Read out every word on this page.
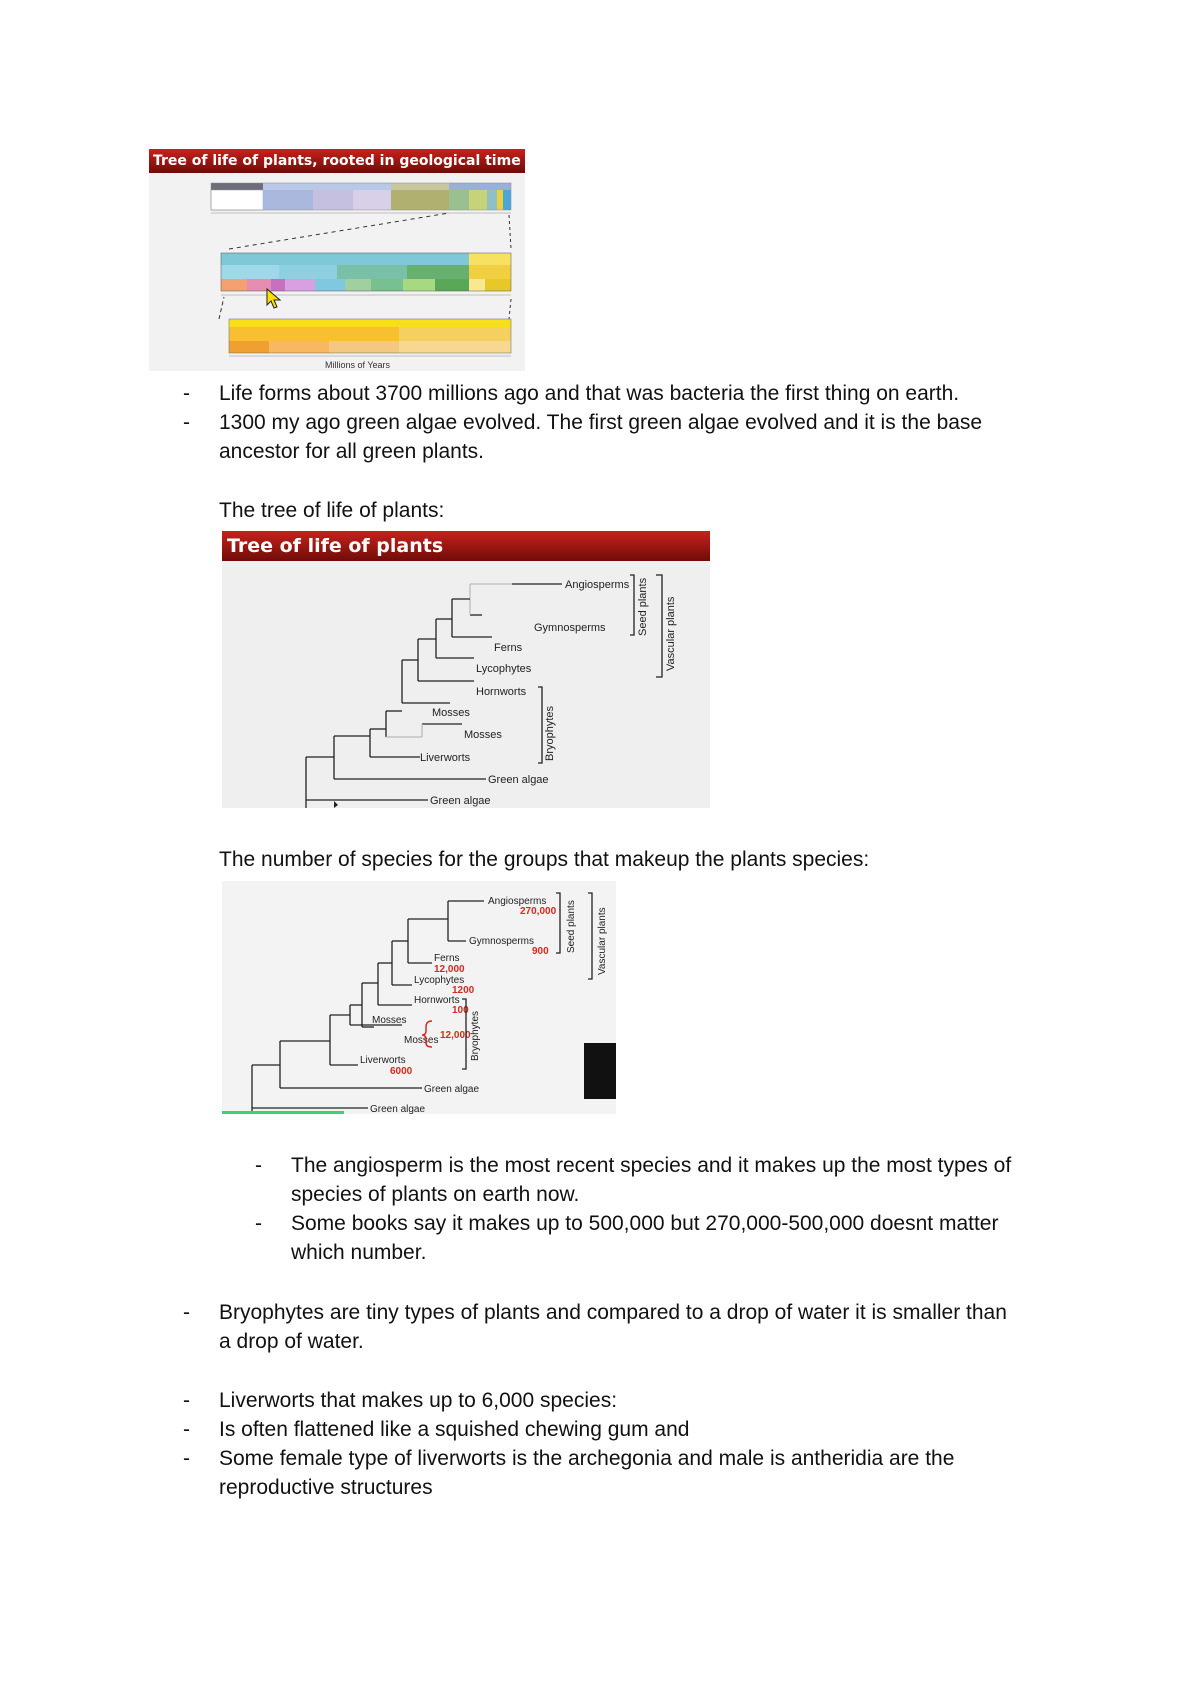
Tree of life of plants, rooted in geological time
Millions of Years
- Life forms about 3700 millions ago and that was bacteria the first thing on earth.
- 1300 my ago green algae evolved. The first green algae evolved and it is the base
ancestor for all green plants.
The tree of life of plants:
Tree of life of plants
Angiosperms
Gymnosperms
Ferns
Lycophytes
Hornworts
Mosses
Mosses
Liverworts
Green algae
Green algae
Seed plants Vascular plants
Bryophytes
The number of species for the groups that makeup the plants species:
Angiosperms
Gymnosperms
Ferns
Lycophytes
Hornworts
Mosses
Mosses
Liverworts
Green algae
Green algae
270,000
900
12,000
1200
100
12,000
6000
Seed plants Vascular plants
Bryophytes
- The angiosperm is the most recent species and it makes up the most types of
species of plants on earth now.
- Some books say it makes up to 500,000 but 270,000-500,000 doesnt matter
which number.
- Bryophytes are tiny types of plants and compared to a drop of water it is smaller than
a drop of water.
- Liverworts that makes up to 6,000 species:
- Is often flattened like a squished chewing gum and
- Some female type of liverworts is the archegonia and male is antheridia are the
reproductive structures
